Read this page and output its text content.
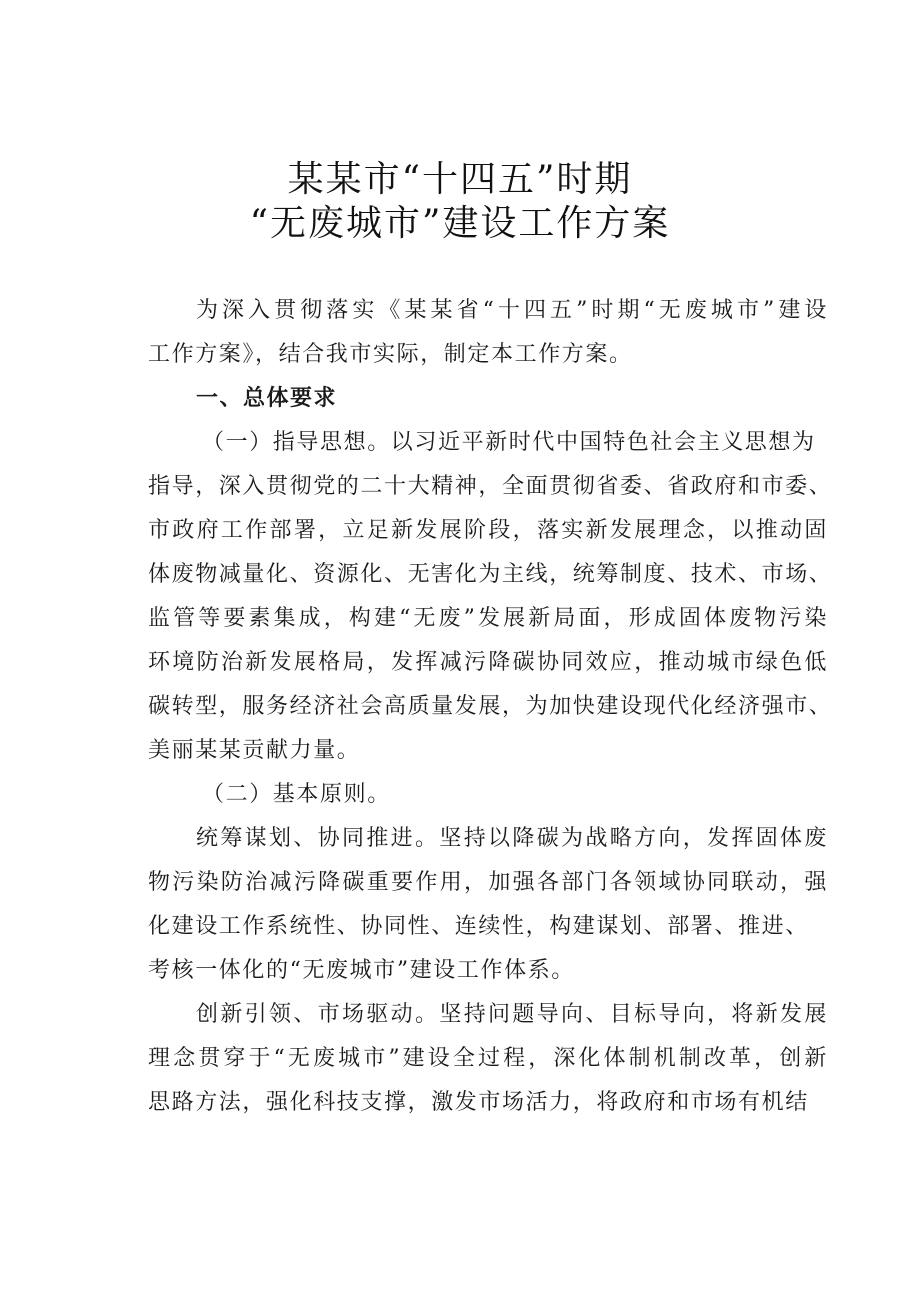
某某市“十四五”时期
“无废城市”建设工作方案
为深入贯彻落实《某某省“十四五”时期“无废城市”建设
工作方案》，结合我市实际，制定本工作方案。
一、总体要求
（一）指导思想。以习近平新时代中国特色社会主义思想为
指导，深入贯彻党的二十大精神，全面贯彻省委、省政府和市委、
市政府工作部署，立足新发展阶段，落实新发展理念，以推动固
体废物减量化、资源化、无害化为主线，统筹制度、技术、市场、
监管等要素集成，构建“无废”发展新局面，形成固体废物污染
环境防治新发展格局，发挥减污降碳协同效应，推动城市绿色低
碳转型，服务经济社会高质量发展，为加快建设现代化经济强市、
美丽某某贡献力量。
（二）基本原则。
统筹谋划、协同推进。坚持以降碳为战略方向，发挥固体废
物污染防治减污降碳重要作用，加强各部门各领域协同联动，强
化建设工作系统性、协同性、连续性，构建谋划、部署、推进、
考核一体化的“无废城市”建设工作体系。
创新引领、市场驱动。坚持问题导向、目标导向，将新发展
理念贯穿于“无废城市”建设全过程，深化体制机制改革，创新
思路方法，强化科技支撑，激发市场活力，将政府和市场有机结
